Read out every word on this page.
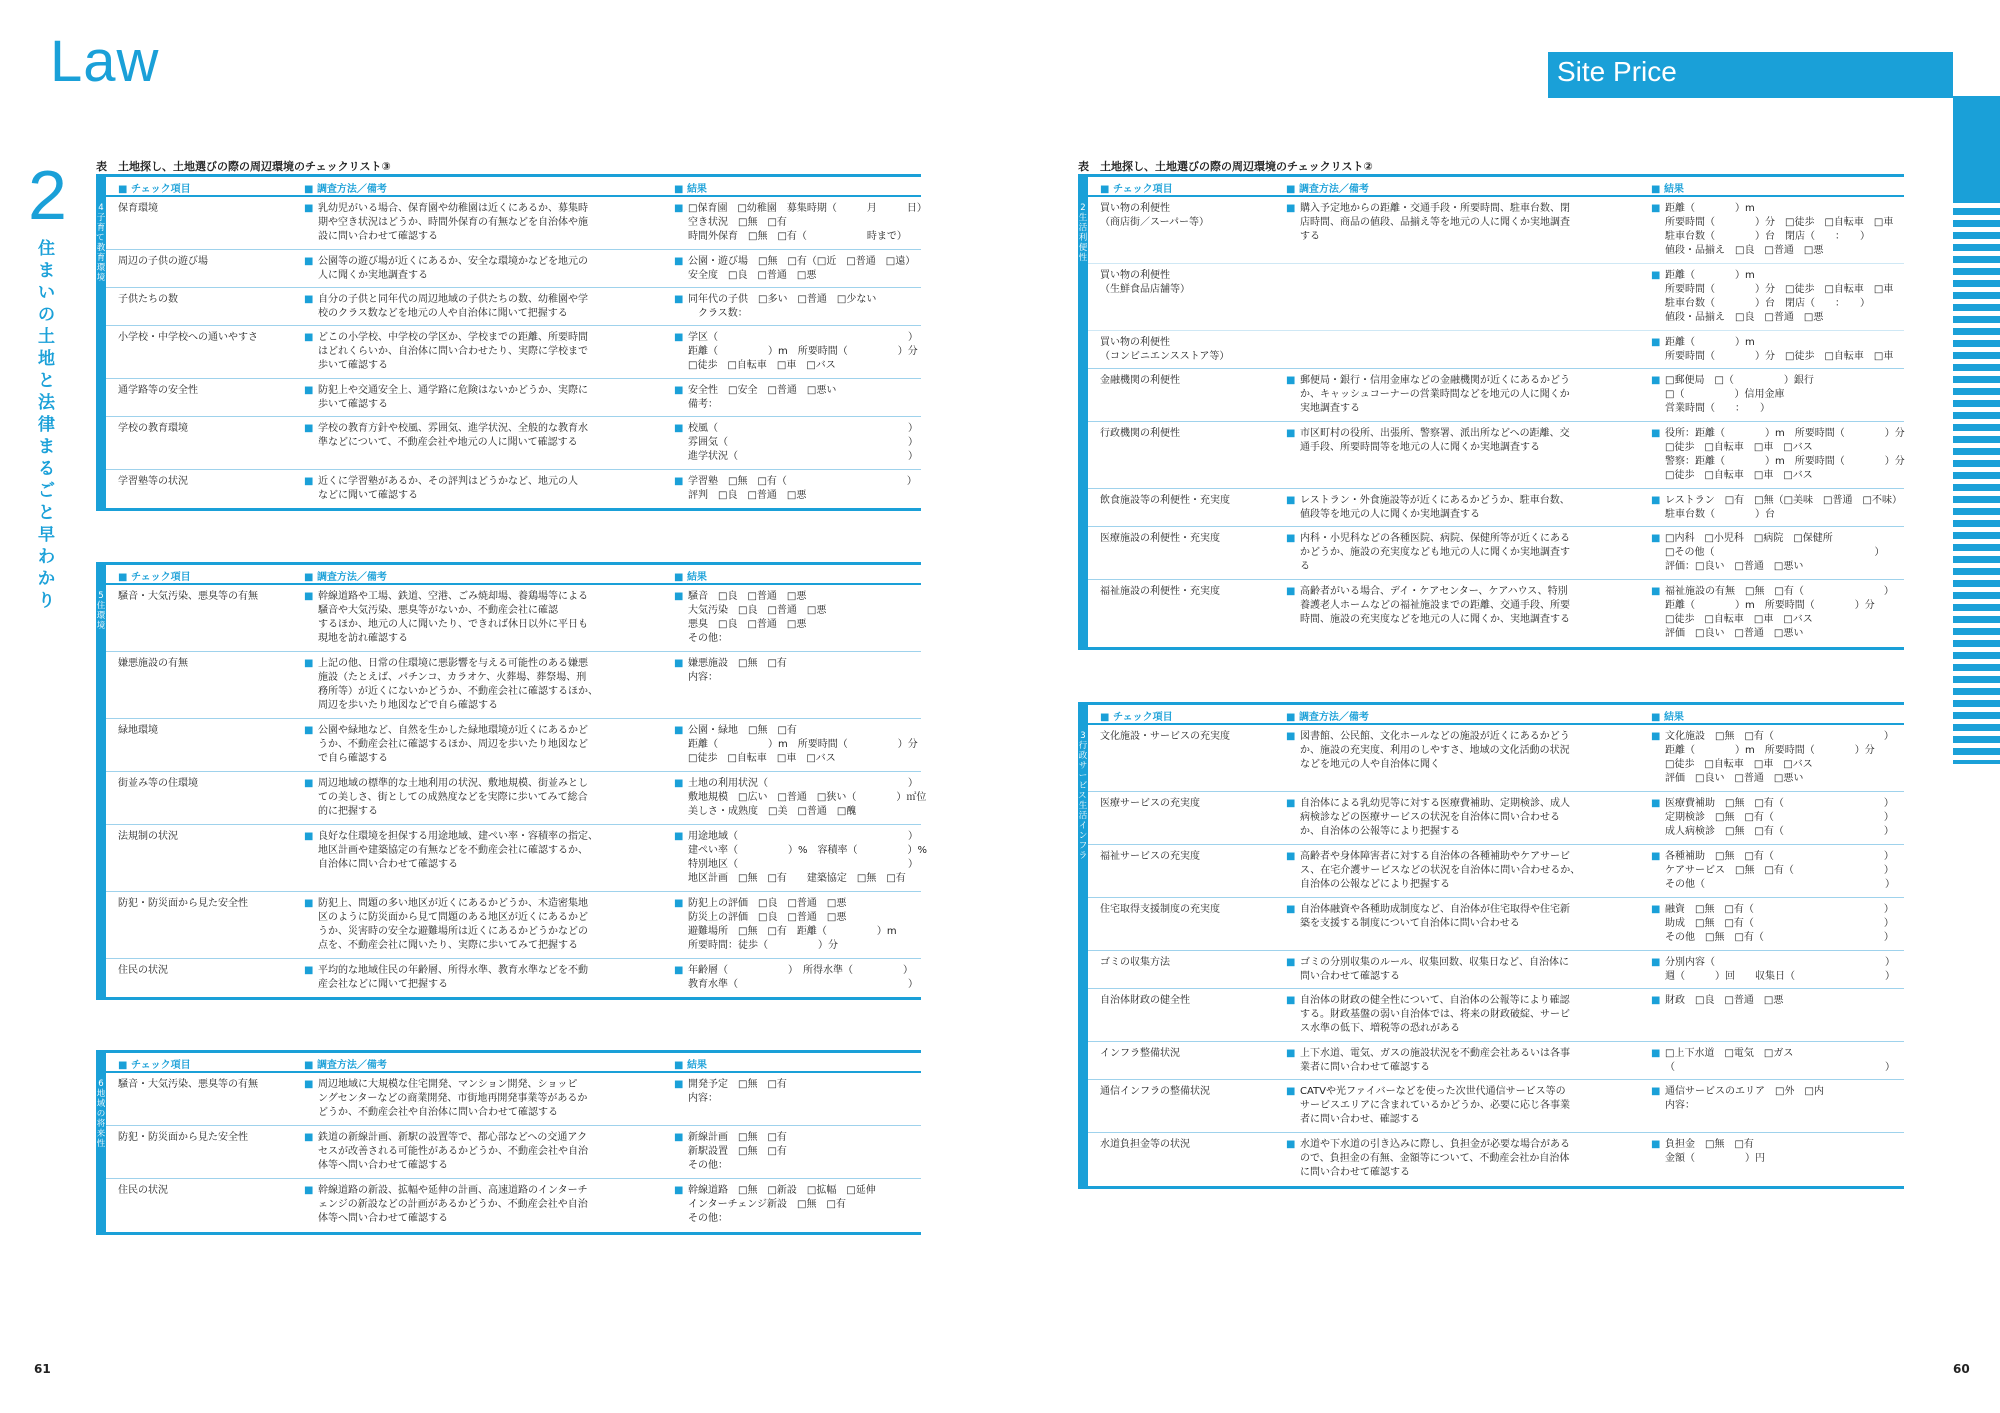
Law
2
住まいの土地と法律まるごと早わかり
Site Price
61	60
表　土地探し、土地選びの際の周辺環境のチェックリスト③	表　土地探し、土地選びの際の周辺環境のチェックリスト②
4 子育て・教育環境
■ チェック項目	■ 調査方法／備考	■ 結果
保育環境	■ 乳幼児がいる場合、保育園や幼稚園は近くにあるか、募集時
期や空き状況はどうか、時間外保育の有無などを自治体や施
設に問い合わせて確認する
■ □保育園　□幼稚園　募集時期（　　　月　　　日）
空き状況　□無　□有
時間外保育　□無　□有（　　　　　　時まで）
周辺の子供の遊び場	■ 公園等の遊び場が近くにあるか、安全な環境かなどを地元の
人に聞くか実地調査する
■ 公園・遊び場　□無　□有（□近　□普通　□遠）
安全度　□良　□普通　□悪
子供たちの数	■ 自分の子供と同年代の周辺地域の子供たちの数、幼稚園や学
校のクラス数などを地元の人や自治体に聞いて把握する
■ 同年代の子供　□多い　□普通　□少ない
　クラス数：
小学校・中学校への通いやすさ	■ どこの小学校、中学校の学区か、学校までの距離、所要時間
はどれくらいか、自治体に問い合わせたり、実際に学校まで
歩いて確認する
■ 学区（　　　　　　　　　　　　　　　　　　　）
距離（　　　　　）m　所要時間（　　　　　）分
□徒歩　□自転車　□車　□バス
通学路等の安全性	■ 防犯上や交通安全上、通学路に危険はないかどうか、実際に
歩いて確認する
■ 安全性　□安全　□普通　□悪い
備考：
学校の教育環境	■ 学校の教育方針や校風、雰囲気、進学状況、全般的な教育水
準などについて、不動産会社や地元の人に聞いて確認する
■ 校風（　　　　　　　　　　　　　　　　　　　）
雰囲気（　　　　　　　　　　　　　　　　　　）
進学状況（　　　　　　　　　　　　　　　　　）
学習塾等の状況	■ 近くに学習塾があるか、その評判はどうかなど、地元の人
などに聞いて確認する
■ 学習塾　□無　□有（　　　　　　　　　　　　）
評判　□良　□普通　□悪
5 住環境
■ チェック項目	■ 調査方法／備考	■ 結果
騒音・大気汚染、悪臭等の有無	■ 幹線道路や工場、鉄道、空港、ごみ焼却場、養鶏場等による
騒音や大気汚染、悪臭等がないか、不動産会社に確認
するほか、地元の人に聞いたり、できれば休日以外に平日も
現地を訪れ確認する
■ 騒音　□良　□普通　□悪
大気汚染　□良　□普通　□悪
悪臭　□良　□普通　□悪
その他：
嫌悪施設の有無	■ 上記の他、日常の住環境に悪影響を与える可能性のある嫌悪
施設（たとえば、パチンコ、カラオケ、火葬場、葬祭場、刑
務所等）が近くにないかどうか、不動産会社に確認するほか、
周辺を歩いたり地図などで自ら確認する
■ 嫌悪施設　□無　□有
内容：
緑地環境	■ 公園や緑地など、自然を生かした緑地環境が近くにあるかど
うか、不動産会社に確認するほか、周辺を歩いたり地図など
で自ら確認する
■ 公園・緑地　□無　□有
距離（　　　　　）m　所要時間（　　　　　）分
□徒歩　□自転車　□車　□バス
街並み等の住環境	■ 周辺地域の標準的な土地利用の状況、敷地規模、街並みとし
ての美しさ、街としての成熟度などを実際に歩いてみて総合
的に把握する
■ 土地の利用状況（　　　　　　　　　　　　　　）
敷地規模　□広い　□普通　□狭い（　　　　）㎡位
美しさ・成熟度　□美　□普通　□醜
法規制の状況	■ 良好な住環境を担保する用途地域、建ぺい率・容積率の指定、
地区計画や建築協定の有無などを不動産会社に確認するか、
自治体に問い合わせて確認する
■ 用途地域（　　　　　　　　　　　　　　　　　）
建ぺい率（　　　　　）%　容積率（　　　　　）%
特別地区（　　　　　　　　　　　　　　　　　）
地区計画　□無　□有　　建築協定　□無　□有
防犯・防災面から見た安全性	■ 防犯上、問題の多い地区が近くにあるかどうか、木造密集地
区のように防災面から見て問題のある地区が近くにあるかど
うか、災害時の安全な避難場所は近くにあるかどうかなどの
点を、不動産会社に聞いたり、実際に歩いてみて把握する
■ 防犯上の評価　□良　□普通　□悪
防災上の評価　□良　□普通　□悪
避難場所　□無　□有　距離（　　　　　）m
所要時間：徒歩（　　　　　）分
住民の状況	■ 平均的な地域住民の年齢層、所得水準、教育水準などを不動
産会社などに聞いて把握する
■ 年齢層（　　　　　　）　所得水準（　　　　　）
教育水準（　　　　　　　　　　　　　　　　　）
6 地域の将来性
■ チェック項目	■ 調査方法／備考	■ 結果
騒音・大気汚染、悪臭等の有無	■ 周辺地域に大規模な住宅開発、マンション開発、ショッピ
ングセンターなどの商業開発、市街地再開発事業等があるか
どうか、不動産会社や自治体に問い合わせて確認する
■ 開発予定　□無　□有
内容：
防犯・防災面から見た安全性	■ 鉄道の新線計画、新駅の設置等で、都心部などへの交通アク
セスが改善される可能性があるかどうか、不動産会社や自治
体等へ問い合わせて確認する
■ 新線計画　□無　□有
新駅設置　□無　□有
その他：
住民の状況	■ 幹線道路の新設、拡幅や延伸の計画、高速道路のインターチ
ェンジの新設などの計画があるかどうか、不動産会社や自治
体等へ問い合わせて確認する
■ 幹線道路　□無　□新設　□拡幅　□延伸
インターチェンジ新設　□無　□有
その他：
2 生活利便性
■ チェック項目	■ 調査方法／備考	■ 結果
買い物の利便性
（商店街／スーパー等）
■ 購入予定地からの距離・交通手段・所要時間、駐車台数、閉
店時間、商品の値段、品揃え等を地元の人に聞くか実地調査
する
■ 距離（　　　　）m
所要時間（　　　　）分　□徒歩　□自転車　□車
駐車台数（　　　　）台　閉店（　　：　　）
値段・品揃え　□良　□普通　□悪
買い物の利便性
（生鮮食品店舗等）
■ 距離（　　　　）m
所要時間（　　　　）分　□徒歩　□自転車　□車
駐車台数（　　　　）台　閉店（　　：　　）
値段・品揃え　□良　□普通　□悪
買い物の利便性
（コンビニエンスストア等）
■ 距離（　　　　）m
所要時間（　　　　）分　□徒歩　□自転車　□車
金融機関の利便性	■ 郵便局・銀行・信用金庫などの金融機関が近くにあるかどう
か、キャッシュコーナーの営業時間などを地元の人に聞くか
実地調査する
■ □郵便局　□（　　　　　）銀行
□（　　　　　）信用金庫
営業時間（　　：　　）
行政機関の利便性	■ 市区町村の役所、出張所、警察署、派出所などへの距離、交
通手段、所要時間等を地元の人に聞くか実地調査する
■ 役所：距離（　　　　）m　所要時間（　　　　）分
□徒歩　□自転車　□車　□バス
警察：距離（　　　　）m　所要時間（　　　　）分
□徒歩　□自転車　□車　□バス
飲食施設等の利便性・充実度	■ レストラン・外食施設等が近くにあるかどうか、駐車台数、
値段等を地元の人に聞くか実地調査する
■ レストラン　□有　□無（□美味　□普通　□不味）
駐車台数（　　　　）台
医療施設の利便性・充実度	■ 内科・小児科などの各種医院、病院、保健所等が近くにある
かどうか、施設の充実度なども地元の人に聞くか実地調査す
る
■ □内科　□小児科　□病院　□保健所
□その他（　　　　　　　　　　　　　　　　）
評価：□良い　□普通　□悪い
福祉施設の利便性・充実度	■ 高齢者がいる場合、デイ・ケアセンター、ケアハウス、特別
養護老人ホームなどの福祉施設までの距離、交通手段、所要
時間、施設の充実度などを地元の人に聞くか、実地調査する
■ 福祉施設の有無　□無　□有（　　　　　　　　）
距離（　　　　）m　所要時間（　　　　）分
□徒歩　□自転車　□車　□バス
評価　□良い　□普通　□悪い
3 行政サービス・生活インフラ
■ チェック項目	■ 調査方法／備考	■ 結果
文化施設・サービスの充実度	■ 図書館、公民館、文化ホールなどの施設が近くにあるかどう
か、施設の充実度、利用のしやすさ、地域の文化活動の状況
などを地元の人や自治体に聞く
■ 文化施設　□無　□有（　　　　　　　　　　　）
距離（　　　　）m　所要時間（　　　　）分
□徒歩　□自転車　□車　□バス
評価　□良い　□普通　□悪い
医療サービスの充実度	■ 自治体による乳幼児等に対する医療費補助、定期検診、成人
病検診などの医療サービスの状況を自治体に問い合わせる
か、自治体の公報等により把握する
■ 医療費補助　□無　□有（　　　　　　　　　　）
定期検診　□無　□有（　　　　　　　　　　　）
成人病検診　□無　□有（　　　　　　　　　　）
福祉サービスの充実度	■ 高齢者や身体障害者に対する自治体の各種補助やケアサービ
ス、在宅介護サービスなどの状況を自治体に問い合わせるか、
自治体の公報などにより把握する
■ 各種補助　□無　□有（　　　　　　　　　　　）
ケアサービス　□無　□有（　　　　　　　　　）
その他（　　　　　　　　　　　　　　　　　　）
住宅取得支援制度の充実度	■ 自治体融資や各種助成制度など、自治体が住宅取得や住宅新
築を支援する制度について自治体に問い合わせる
■ 融資　□無　□有（　　　　　　　　　　　　　）
助成　□無　□有（　　　　　　　　　　　　　）
その他　□無　□有（　　　　　　　　　　　　）
ゴミの収集方法	■ ゴミの分別収集のルール、収集回数、収集日など、自治体に
問い合わせて確認する
■ 分別内容（　　　　　　　　　　　　　　　　　）
週（　　　）回　　収集日（　　　　　　　　　）
自治体財政の健全性	■ 自治体の財政の健全性について、自治体の公報等により確認
する。財政基盤の弱い自治体では、将来の財政破綻、サービ
ス水準の低下、増税等の恐れがある
■ 財政　□良　□普通　□悪
インフラ整備状況	■ 上下水道、電気、ガスの施設状況を不動産会社あるいは各事
業者に問い合わせて確認する
■ □上下水道　□電気　□ガス
（　　　　　　　　　　　　　　　　　　　　　）
通信インフラの整備状況	■ CATVや光ファイバーなどを使った次世代通信サービス等の
サービスエリアに含まれているかどうか、必要に応じ各事業
者に問い合わせ、確認する
■ 通信サービスのエリア　□外　□内
内容：
水道負担金等の状況	■ 水道や下水道の引き込みに際し、負担金が必要な場合がある
ので、負担金の有無、金額等について、不動産会社か自治体
に問い合わせて確認する
■ 負担金　□無　□有
金額（　　　　　）円
